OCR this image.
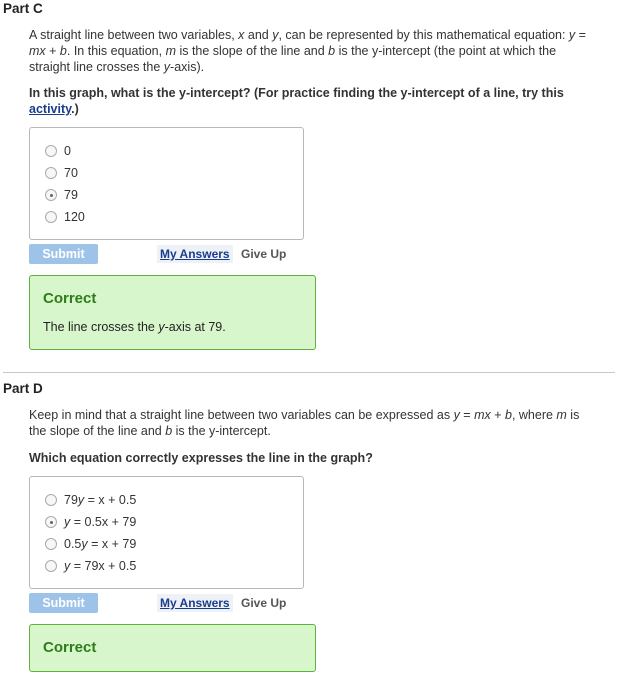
Part C
A straight line between two variables, x and y, can be represented by this mathematical equation: y =
mx + b. In this equation, m is the slope of the line and b is the y-intercept (the point at which the
straight line crosses the y-axis).
In this graph, what is the y-intercept? (For practice finding the y-intercept of a line, try this
activity.)
0
70
79
120
Submit	My Answers Give Up
Correct
The line crosses the y-axis at 79.
Part D
Keep in mind that a straight line between two variables can be expressed as y = mx + b, where m is
the slope of the line and b is the y-intercept.
Which equation correctly expresses the line in the graph?
79y = x + 0.5
y = 0.5x + 79
0.5y = x + 79
y = 79x + 0.5
Submit	My Answers Give Up
Correct
